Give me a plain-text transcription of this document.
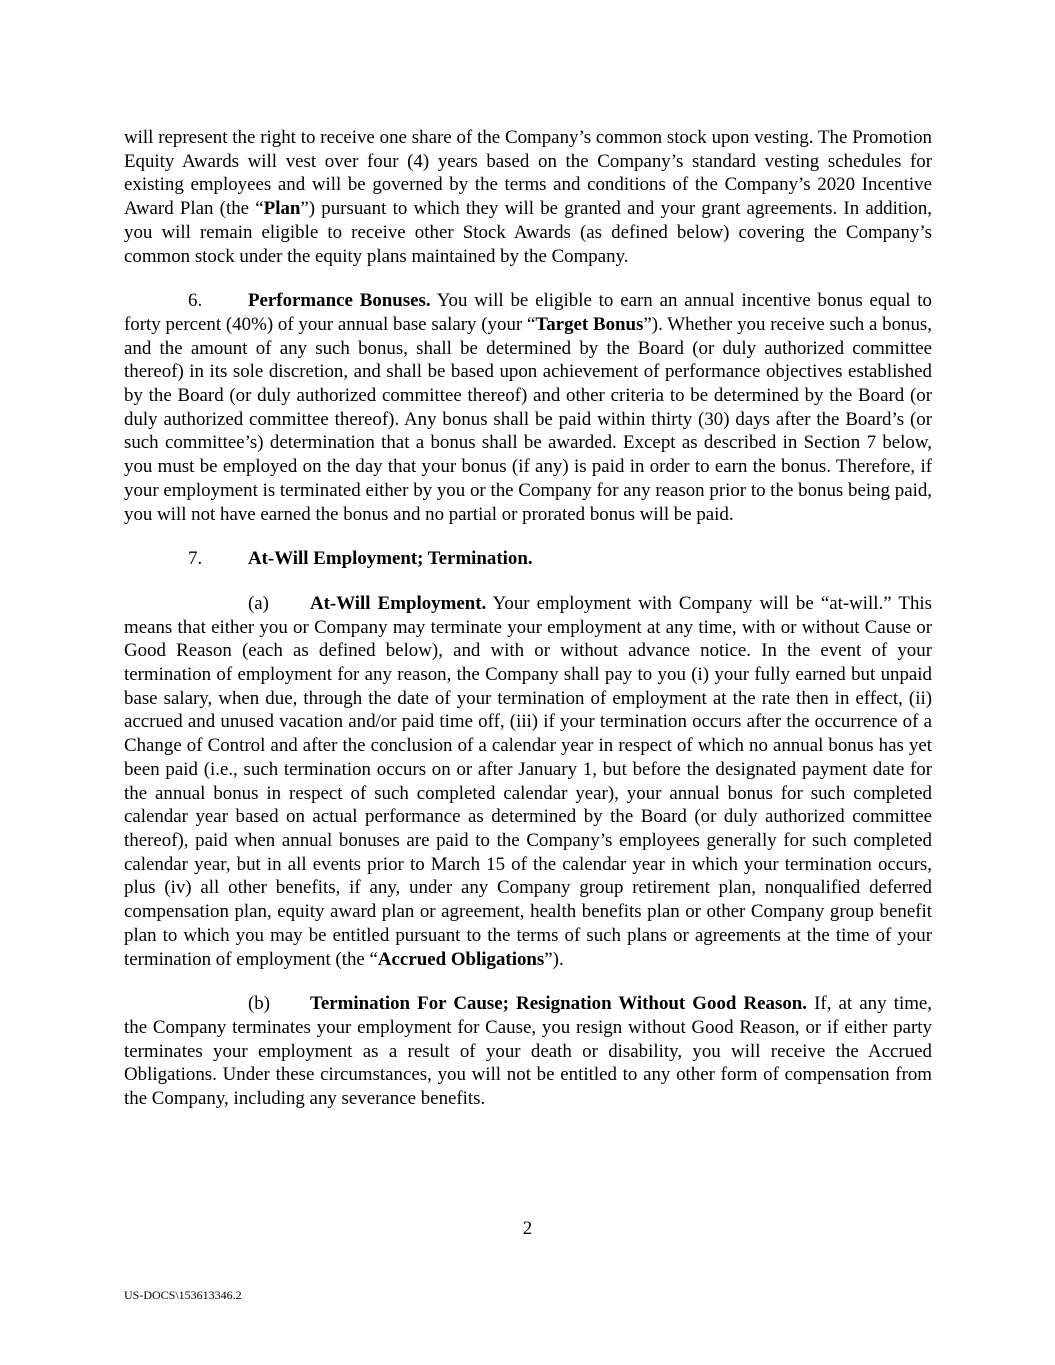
will represent the right to receive one share of the Company’s common stock upon vesting. The Promotion Equity Awards will vest over four (4) years based on the Company’s standard vesting schedules for existing employees and will be governed by the terms and conditions of the Company’s 2020 Incentive Award Plan (the “Plan”) pursuant to which they will be granted and your grant agreements. In addition, you will remain eligible to receive other Stock Awards (as defined below) covering the Company’s common stock under the equity plans maintained by the Company.

6. Performance Bonuses. You will be eligible to earn an annual incentive bonus equal to forty percent (40%) of your annual base salary (your “Target Bonus”). Whether you receive such a bonus, and the amount of any such bonus, shall be determined by the Board (or duly authorized committee thereof) in its sole discretion, and shall be based upon achievement of performance objectives established by the Board (or duly authorized committee thereof) and other criteria to be determined by the Board (or duly authorized committee thereof). Any bonus shall be paid within thirty (30) days after the Board’s (or such committee’s) determination that a bonus shall be awarded. Except as described in Section 7 below, you must be employed on the day that your bonus (if any) is paid in order to earn the bonus. Therefore, if your employment is terminated either by you or the Company for any reason prior to the bonus being paid, you will not have earned the bonus and no partial or prorated bonus will be paid.

7. At-Will Employment; Termination.

(a) At-Will Employment. Your employment with Company will be “at-will.” This means that either you or Company may terminate your employment at any time, with or without Cause or Good Reason (each as defined below), and with or without advance notice. In the event of your termination of employment for any reason, the Company shall pay to you (i) your fully earned but unpaid base salary, when due, through the date of your termination of employment at the rate then in effect, (ii) accrued and unused vacation and/or paid time off, (iii) if your termination occurs after the occurrence of a Change of Control and after the conclusion of a calendar year in respect of which no annual bonus has yet been paid (i.e., such termination occurs on or after January 1, but before the designated payment date for the annual bonus in respect of such completed calendar year), your annual bonus for such completed calendar year based on actual performance as determined by the Board (or duly authorized committee thereof), paid when annual bonuses are paid to the Company’s employees generally for such completed calendar year, but in all events prior to March 15 of the calendar year in which your termination occurs, plus (iv) all other benefits, if any, under any Company group retirement plan, nonqualified deferred compensation plan, equity award plan or agreement, health benefits plan or other Company group benefit plan to which you may be entitled pursuant to the terms of such plans or agreements at the time of your termination of employment (the “Accrued Obligations”).

(b) Termination For Cause; Resignation Without Good Reason. If, at any time, the Company terminates your employment for Cause, you resign without Good Reason, or if either party terminates your employment as a result of your death or disability, you will receive the Accrued Obligations. Under these circumstances, you will not be entitled to any other form of compensation from the Company, including any severance benefits.

2
US-DOCS\153613346.2
